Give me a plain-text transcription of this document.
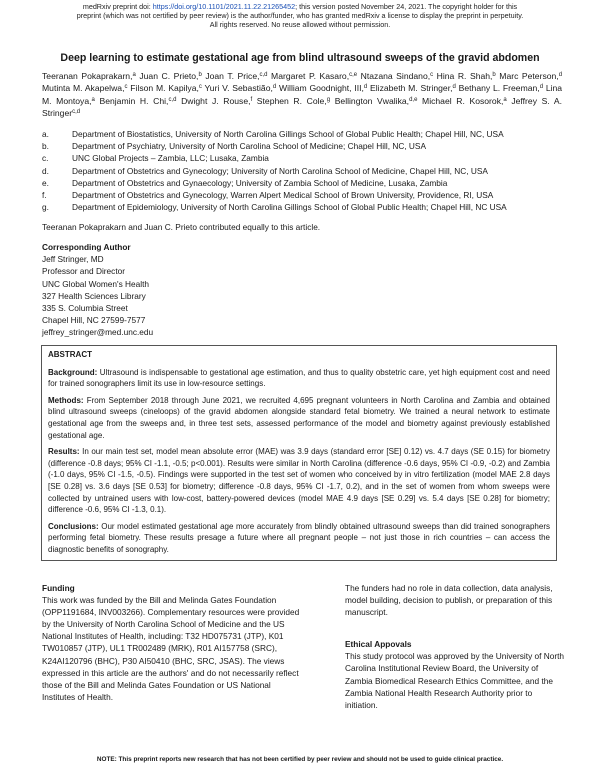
medRxiv preprint doi: https://doi.org/10.1101/2021.11.22.21265452; this version posted November 24, 2021. The copyright holder for this
preprint (which was not certified by peer review) is the author/funder, who has granted medRxiv a license to display the preprint in perpetuity.
All rights reserved. No reuse allowed without permission.
Deep learning to estimate gestational age from blind ultrasound sweeps of the gravid abdomen
Teeranan Pokaprakarn,$^a$ Juan C. Prieto,$^b$ Joan T. Price,$^{c,d}$ Margaret P. Kasaro,$^{c,e}$ Ntazana Sindano,$^c$ Hina R. Shah,$^b$ Marc Peterson,$^d$ Mutinta M. Akapelwa,$^c$ Filson M. Kapilya,$^c$ Yuri V. Sebastião,$^d$ William Goodnight, III,$^d$ Elizabeth M. Stringer,$^d$ Bethany L. Freeman,$^d$ Lina M. Montoya,$^a$ Benjamin H. Chi,$^{c,d}$ Dwight J. Rouse,$^f$ Stephen R. Cole,$^g$ Bellington Vwalika,$^{d,e}$ Michael R. Kosorok,$^a$ Jeffrey S. A. Stringer$^{c,d}$
a.	Department of Biostatistics, University of North Carolina Gillings School of Global Public Health; Chapel Hill, NC, USA
b.	Department of Psychiatry, University of North Carolina School of Medicine; Chapel Hill, NC, USA
c.	UNC Global Projects – Zambia, LLC; Lusaka, Zambia
d.	Department of Obstetrics and Gynecology; University of North Carolina School of Medicine, Chapel Hill, NC, USA
e.	Department of Obstetrics and Gynaecology; University of Zambia School of Medicine, Lusaka, Zambia
f.	Department of Obstetrics and Gynecology, Warren Alpert Medical School of Brown University, Providence, RI, USA
g.	Department of Epidemiology, University of North Carolina Gillings School of Global Public Health; Chapel Hill, NC USA
Teeranan Pokaprakarn and Juan C. Prieto contributed equally to this article.
Corresponding Author
Jeff Stringer, MD
Professor and Director
UNC Global Women's Health
327 Health Sciences Library
335 S. Columbia Street
Chapel Hill, NC 27599-7577
jeffrey_stringer@med.unc.edu
ABSTRACT

Background: Ultrasound is indispensable to gestational age estimation, and thus to quality obstetric care, yet high equipment cost and need for trained sonographers limit its use in low-resource settings.

Methods: From September 2018 through June 2021, we recruited 4,695 pregnant volunteers in North Carolina and Zambia and obtained blind ultrasound sweeps (cineloops) of the gravid abdomen alongside standard fetal biometry. We trained a neural network to estimate gestational age from the sweeps and, in three test sets, assessed performance of the model and biometry against previously established gestational age.

Results: In our main test set, model mean absolute error (MAE) was 3.9 days (standard error [SE] 0.12) vs. 4.7 days (SE 0.15) for biometry (difference -0.8 days; 95% CI -1.1, -0.5; p<0.001). Results were similar in North Carolina (difference -0.6 days, 95% CI -0.9, -0.2) and Zambia (-1.0 days, 95% CI -1.5, -0.5). Findings were supported in the test set of women who conceived by in vitro fertilization (model MAE 2.8 days [SE 0.28] vs. 3.6 days [SE 0.53] for biometry; difference -0.8 days, 95% CI -1.7, 0.2), and in the set of women from whom sweeps were collected by untrained users with low-cost, battery-powered devices (model MAE 4.9 days [SE 0.29] vs. 5.4 days [SE 0.28] for biometry; difference -0.6, 95% CI -1.3, 0.1).

Conclusions: Our model estimated gestational age more accurately from blindly obtained ultrasound sweeps than did trained sonographers performing fetal biometry. These results presage a future where all pregnant people – not just those in rich countries – can access the diagnostic benefits of sonography.

Funding
This work was funded by the Bill and Melinda Gates Foundation (OPP1191684, INV003266). Complementary resources were provided by the University of North Carolina School of Medicine and the US National Institutes of Health, including: T32 HD075731 (JTP), K01 TW010857 (JTP), UL1 TR002489 (MRK), R01 AI157758 (SRC), K24AI120796 (BHC), P30 AI50410 (BHC, SRC, JSAS). The views expressed in this article are the authors' and do not necessarily reflect those of the Bill and Melinda Gates Foundation or US National Institutes of Health.
The funders had no role in data collection, data analysis, model building, decision to publish, or preparation of this manuscript.
Ethical Appovals
This study protocol was approved by the University of North Carolina Institutional Review Board, the University of Zambia Biomedical Research Ethics Committee, and the Zambia National Health Research Authority prior to initiation.
NOTE: This preprint reports new research that has not been certified by peer review and should not be used to guide clinical practice.
